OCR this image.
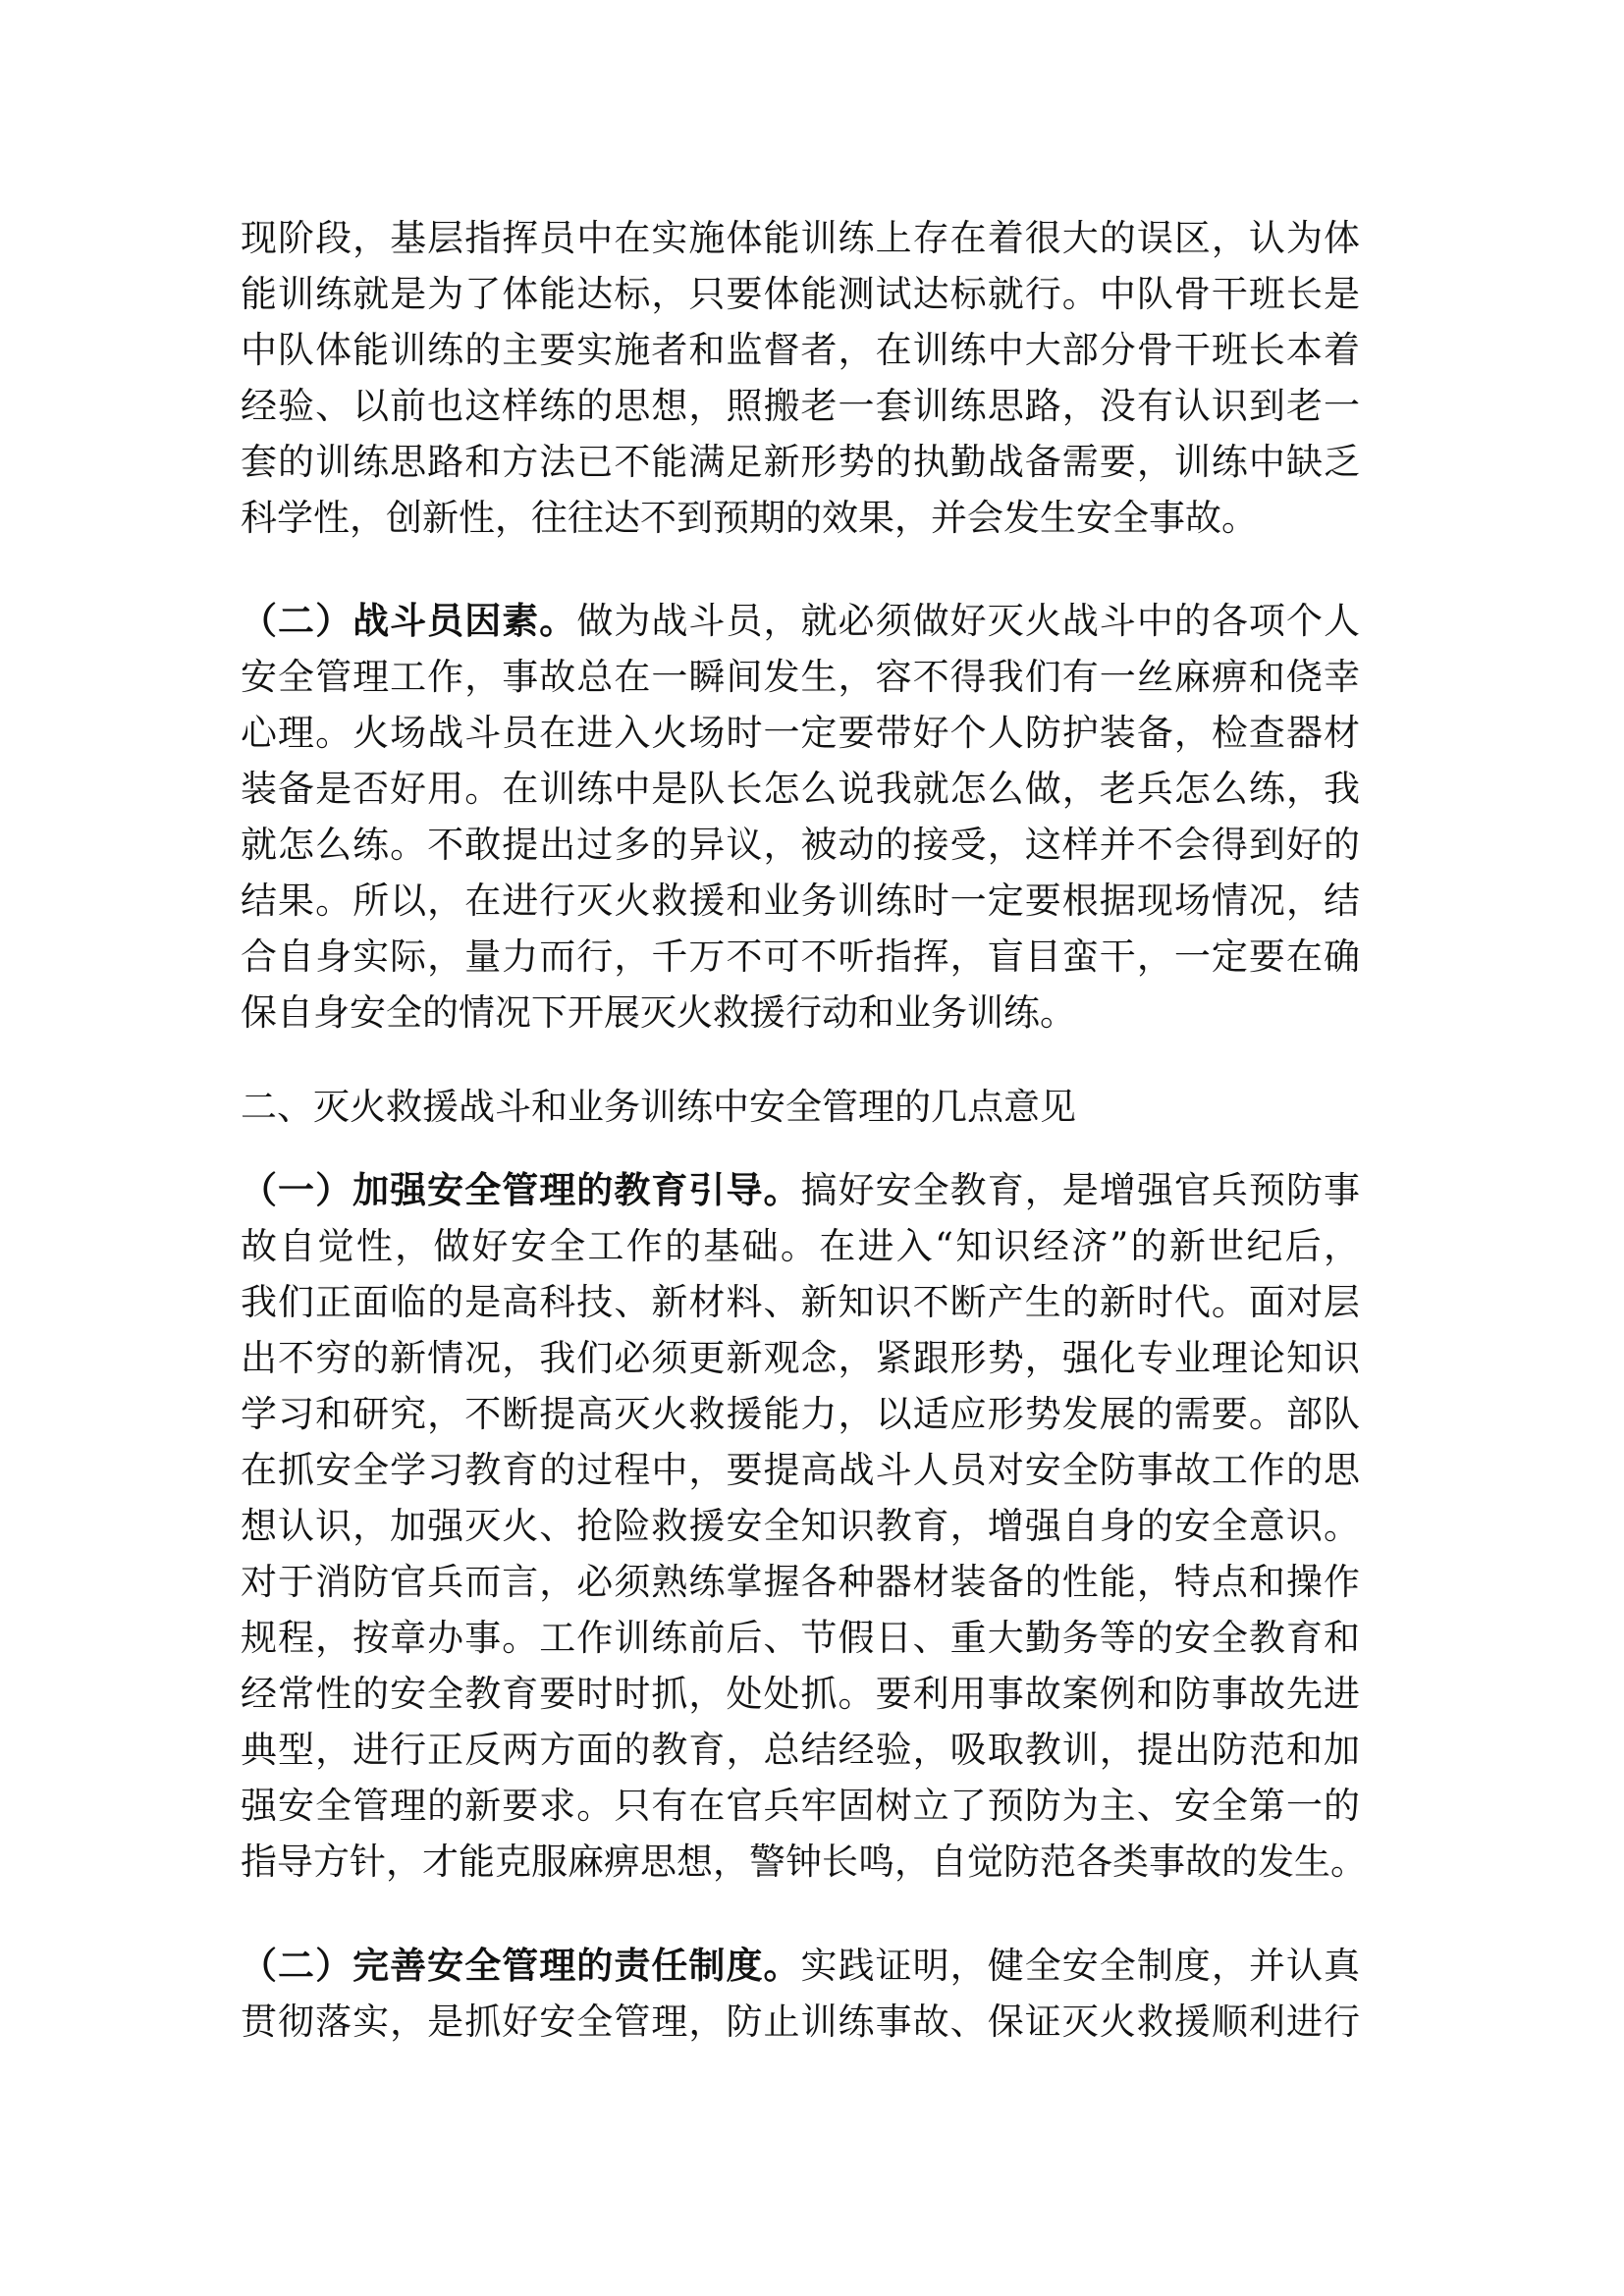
现阶段，基层指挥员中在实施体能训练上存在着很大的误区，认为体
能训练就是为了体能达标，只要体能测试达标就行。中队骨干班长是
中队体能训练的主要实施者和监督者，在训练中大部分骨干班长本着
经验、以前也这样练的思想，照搬老一套训练思路，没有认识到老一
套的训练思路和方法已不能满足新形势的执勤战备需要，训练中缺乏
科学性，创新性，往往达不到预期的效果，并会发生安全事故。
（二）战斗员因素。做为战斗员，就必须做好灭火战斗中的各项个人
安全管理工作，事故总在一瞬间发生，容不得我们有一丝麻痹和侥幸
心理。火场战斗员在进入火场时一定要带好个人防护装备，检查器材
装备是否好用。在训练中是队长怎么说我就怎么做，老兵怎么练，我
就怎么练。不敢提出过多的异议，被动的接受，这样并不会得到好的
结果。所以，在进行灭火救援和业务训练时一定要根据现场情况，结
合自身实际，量力而行，千万不可不听指挥，盲目蛮干，一定要在确
保自身安全的情况下开展灭火救援行动和业务训练。
二、灭火救援战斗和业务训练中安全管理的几点意见
（一）加强安全管理的教育引导。搞好安全教育，是增强官兵预防事
故自觉性，做好安全工作的基础。在进入“知识经济”的新世纪后，
我们正面临的是高科技、新材料、新知识不断产生的新时代。面对层
出不穷的新情况，我们必须更新观念，紧跟形势，强化专业理论知识
学习和研究，不断提高灭火救援能力，以适应形势发展的需要。部队
在抓安全学习教育的过程中，要提高战斗人员对安全防事故工作的思
想认识，加强灭火、抢险救援安全知识教育，增强自身的安全意识。
对于消防官兵而言，必须熟练掌握各种器材装备的性能，特点和操作
规程，按章办事。工作训练前后、节假日、重大勤务等的安全教育和
经常性的安全教育要时时抓，处处抓。要利用事故案例和防事故先进
典型，进行正反两方面的教育，总结经验，吸取教训，提出防范和加
强安全管理的新要求。只有在官兵牢固树立了预防为主、安全第一的
指导方针，才能克服麻痹思想，警钟长鸣，自觉防范各类事故的发生。
（二）完善安全管理的责任制度。实践证明，健全安全制度，并认真
贯彻落实，是抓好安全管理，防止训练事故、保证灭火救援顺利进行
